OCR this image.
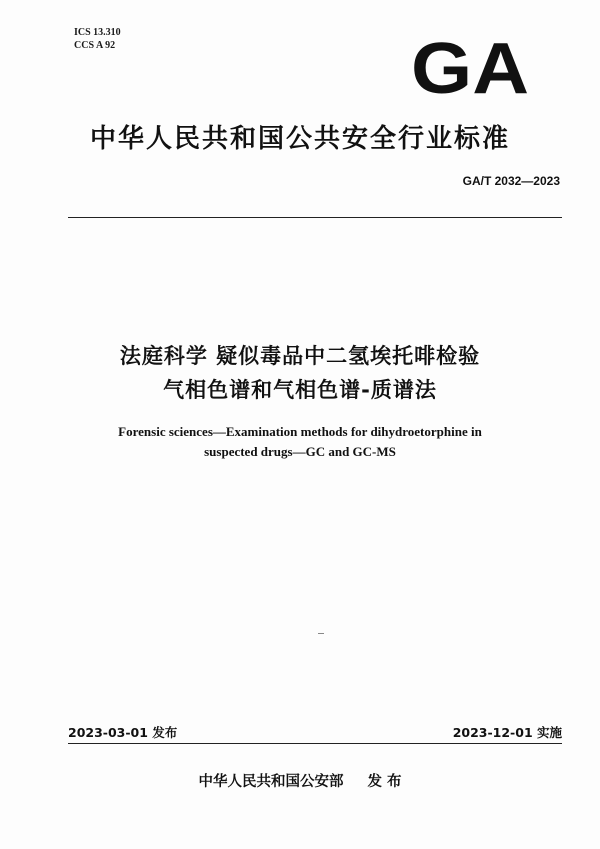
ICS 13.310
CCS A 92	GA
中华人民共和国公共安全行业标准
GA/T 2032—2023
法庭科学 疑似毒品中二氢埃托啡检验
气相色谱和气相色谱-质谱法
Forensic sciences—Examination methods for dihydroetorphine in
suspected drugs—GC and GC-MS
2023-03-01 发布	2023-12-01 实施
中华人民共和国公安部 发 布
